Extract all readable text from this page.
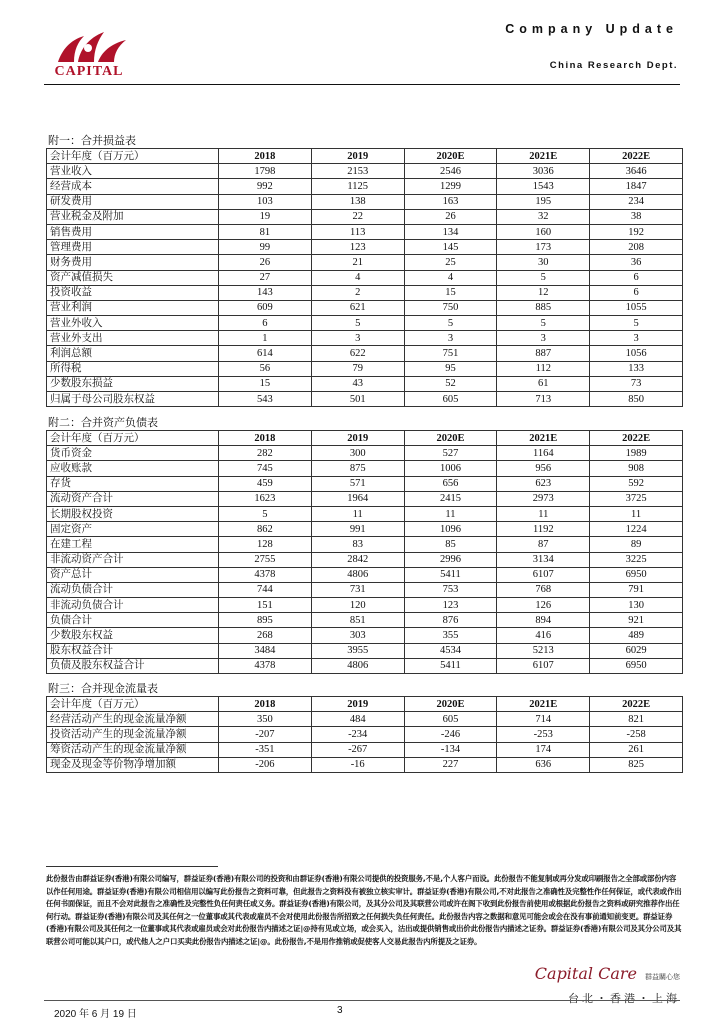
CAPITAL
Company Update
China Research Dept.
附一：合并损益表
会计年度（百万元）	2018	2019	2020E	2021E	2022E
营业收入	1798	2153	2546	3036	3646
经营成本	992	1125	1299	1543	1847
研发费用	103	138	163	195	234
营业税金及附加	19	22	26	32	38
销售费用	81	113	134	160	192
管理费用	99	123	145	173	208
财务费用	26	21	25	30	36
资产减值损失	27	4	4	5	6
投资收益	143	2	15	12	6
营业利润	609	621	750	885	1055
营业外收入	6	5	5	5	5
营业外支出	1	3	3	3	3
利润总额	614	622	751	887	1056
所得税	56	79	95	112	133
少数股东损益	15	43	52	61	73
归属于母公司股东权益	543	501	605	713	850
附二：合并资产负债表
会计年度（百万元）	2018	2019	2020E	2021E	2022E
货币资金	282	300	527	1164	1989
应收账款	745	875	1006	956	908
存货	459	571	656	623	592
流动资产合计	1623	1964	2415	2973	3725
长期股权投资	5	11	11	11	11
固定资产	862	991	1096	1192	1224
在建工程	128	83	85	87	89
非流动资产合计	2755	2842	2996	3134	3225
资产总计	4378	4806	5411	6107	6950
流动负债合计	744	731	753	768	791
非流动负债合计	151	120	123	126	130
负债合计	895	851	876	894	921
少数股东权益	268	303	355	416	489
股东权益合计	3484	3955	4534	5213	6029
负债及股东权益合计	4378	4806	5411	6107	6950
附三：合并现金流量表
会计年度（百万元）	2018	2019	2020E	2021E	2022E
经营活动产生的现金流量净额	350	484	605	714	821
投资活动产生的现金流量净额	-207	-234	-246	-253	-258
筹资活动产生的现金流量净额	-351	-267	-134	174	261
现金及现金等价物净增加额	-206	-16	227	636	825
此份报告由群益证券(香港)有限公司编写，群益证券(香港)有限公司的投资和由群证券(香港)有限公司提供的投资服务,不是,个人客户而设。此份报告不能复制或再分发或印刷报告之全部或部份内容以作任何用途。群益证券(香港)有限公司相信用以编写此份报告之资料可靠，但此报告之资料没有被独立核实审计。群益证券(香港)有限公司,不对此报告之准确性及完整性作任何保证，或代表或作出任何书面保证，而且不会对此报告之准确性及完整性负任何责任或义务。群益证券(香港)有限公司，及其分公司及其联营公司或许在阁下收到此份报告前使用或根据此份报告之资料或研究推荐作出任何行动。群益证券(香港)有限公司及其任何之一位董事或其代表或雇员不会对使用此份报告所招致之任何损失负任何责任。此份报告内容之数据和意见可能会或会在没有事前通知前变更。群益证券(香港)有限公司及其任何之一位董事或其代表或雇员或会对此份报告内描述之证|@持有见或立场，或会买入，沽出或提供销售或出价此份报告内描述之证券。群益证券(香港)有限公司及其分公司及其联营公司可能以其户口，或代他人之户口买卖此份报告内描述之证|@。此份报告,不是用作推销或促使客人交易此报告内所提及之证券。
Capital Care 群益關心您
台北・香港・上海
2020 年 6 月 19 日	3
